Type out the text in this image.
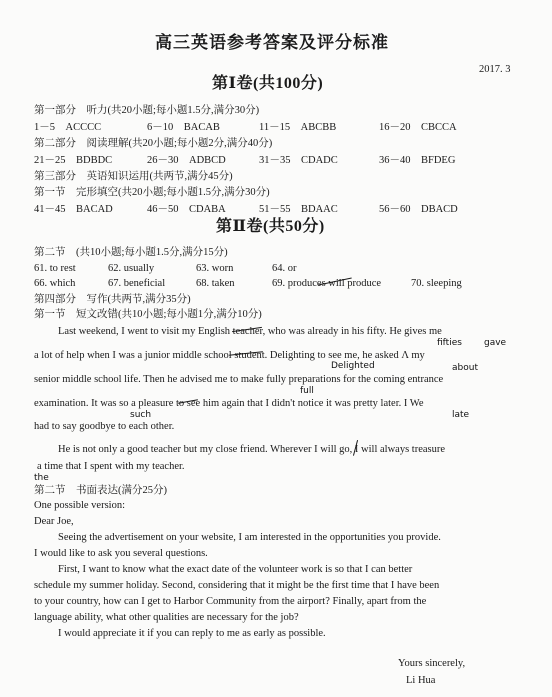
高三英语参考答案及评分标准
2017. 3
第Ⅰ卷(共100分)
第一部分　听力(共20小题;每小题1.5分,满分30分)
1－5　ACCCC	6－10　BACAB	11－15　ABCBB	16－20　CBCCA
第二部分　阅读理解(共20小题;每小题2分,满分40分)
21－25　BDBDC	26－30　ADBCD	31－35　CDADC	36－40　BFDEG
第三部分　英语知识运用(共两节,满分45分)
第一节　完形填空(共20小题;每小题1.5分,满分30分)
41－45　BACAD	46－50　CDABA	51－55　BDAAC	56－60　DBACD
第Ⅱ卷(共50分)
第二节　(共10小题;每小题1.5分,满分15分)
61. to rest	62. usually	63. worn	64. or
66. which	67. beneficial	68. taken	69. produces will produce	70. sleeping
第四部分　写作(共两节,满分35分)
第一节　短文改错(共10小题;每小题1分,满分10分)
Last weekend, I went to visit my English teacher, who was already in his fifty. He gives me
fifties gave
a lot of help when I was a junior middle school student. Delighting to see me, he asked Λ my
Delighted	about
senior middle school life. Then he advised me to make fully preparations for the coming entrance
full
examination. It was so a pleasure to see him again that I didn't notice it was pretty later. I We
such	late
had to say goodbye to each other.
He is not only a good teacher but my close friend. Wherever I will go, I will always treasure
a time that I spent with my teacher.
the
第二节　书面表达(满分25分)
One possible version:
Dear Joe,
Seeing the advertisement on your website, I am interested in the opportunities you provide.
I would like to ask you several questions.
First, I want to know what the exact date of the volunteer work is so that I can better
schedule my summer holiday. Second, considering that it might be the first time that I have been
to your country, how can I get to Harbor Community from the airport? Finally, apart from the
language ability, what other qualities are necessary for the job?
I would appreciate it if you can reply to me as early as possible.
Yours sincerely,
Li Hua
